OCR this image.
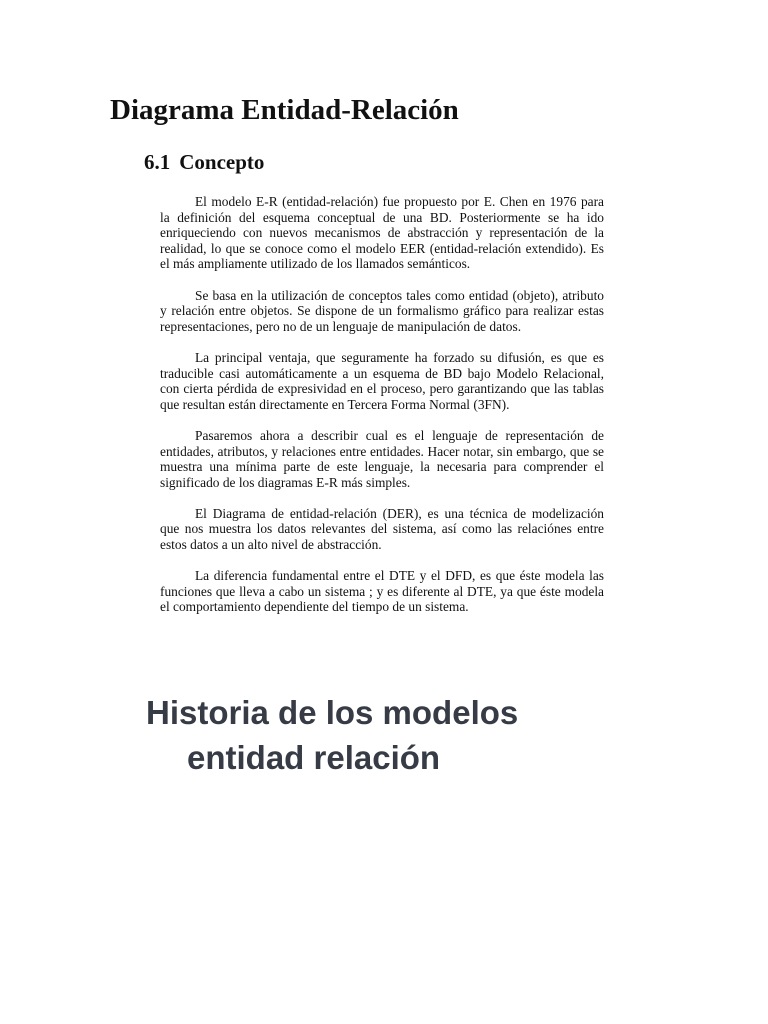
Diagrama Entidad-Relación
6.1 Concepto

El modelo E-R (entidad-relación) fue propuesto por E. Chen en 1976 para la definición del esquema conceptual de una BD. Posteriormente se ha ido enriqueciendo con nuevos mecanismos de abstracción y representación de la realidad, lo que se conoce como el modelo EER (entidad-relación extendido). Es el más ampliamente utilizado de los llamados semánticos.

Se basa en la utilización de conceptos tales como entidad (objeto), atributo y relación entre objetos. Se dispone de un formalismo gráfico para realizar estas representaciones, pero no de un lenguaje de manipulación de datos.

La principal ventaja, que seguramente ha forzado su difusión, es que es traducible casi automáticamente a un esquema de BD bajo Modelo Relacional, con cierta pérdida de expresividad en el proceso, pero garantizando que las tablas que resultan están directamente en Tercera Forma Normal (3FN).

Pasaremos ahora a describir cual es el lenguaje de representación de entidades, atributos, y relaciones entre entidades. Hacer notar, sin embargo, que se muestra una mínima parte de este lenguaje, la necesaria para comprender el significado de los diagramas E-R más simples.

El Diagrama de entidad-relación (DER), es una técnica de modelización que nos muestra los datos relevantes del sistema, así como las relaciónes entre estos datos a un alto nivel de abstracción.

La diferencia fundamental entre el DTE y el DFD, es que éste modela las funciones que lleva a cabo un sistema ; y es diferente al DTE, ya que éste modela el comportamiento dependiente del tiempo de un sistema.

Historia de los modelos
entidad relación
